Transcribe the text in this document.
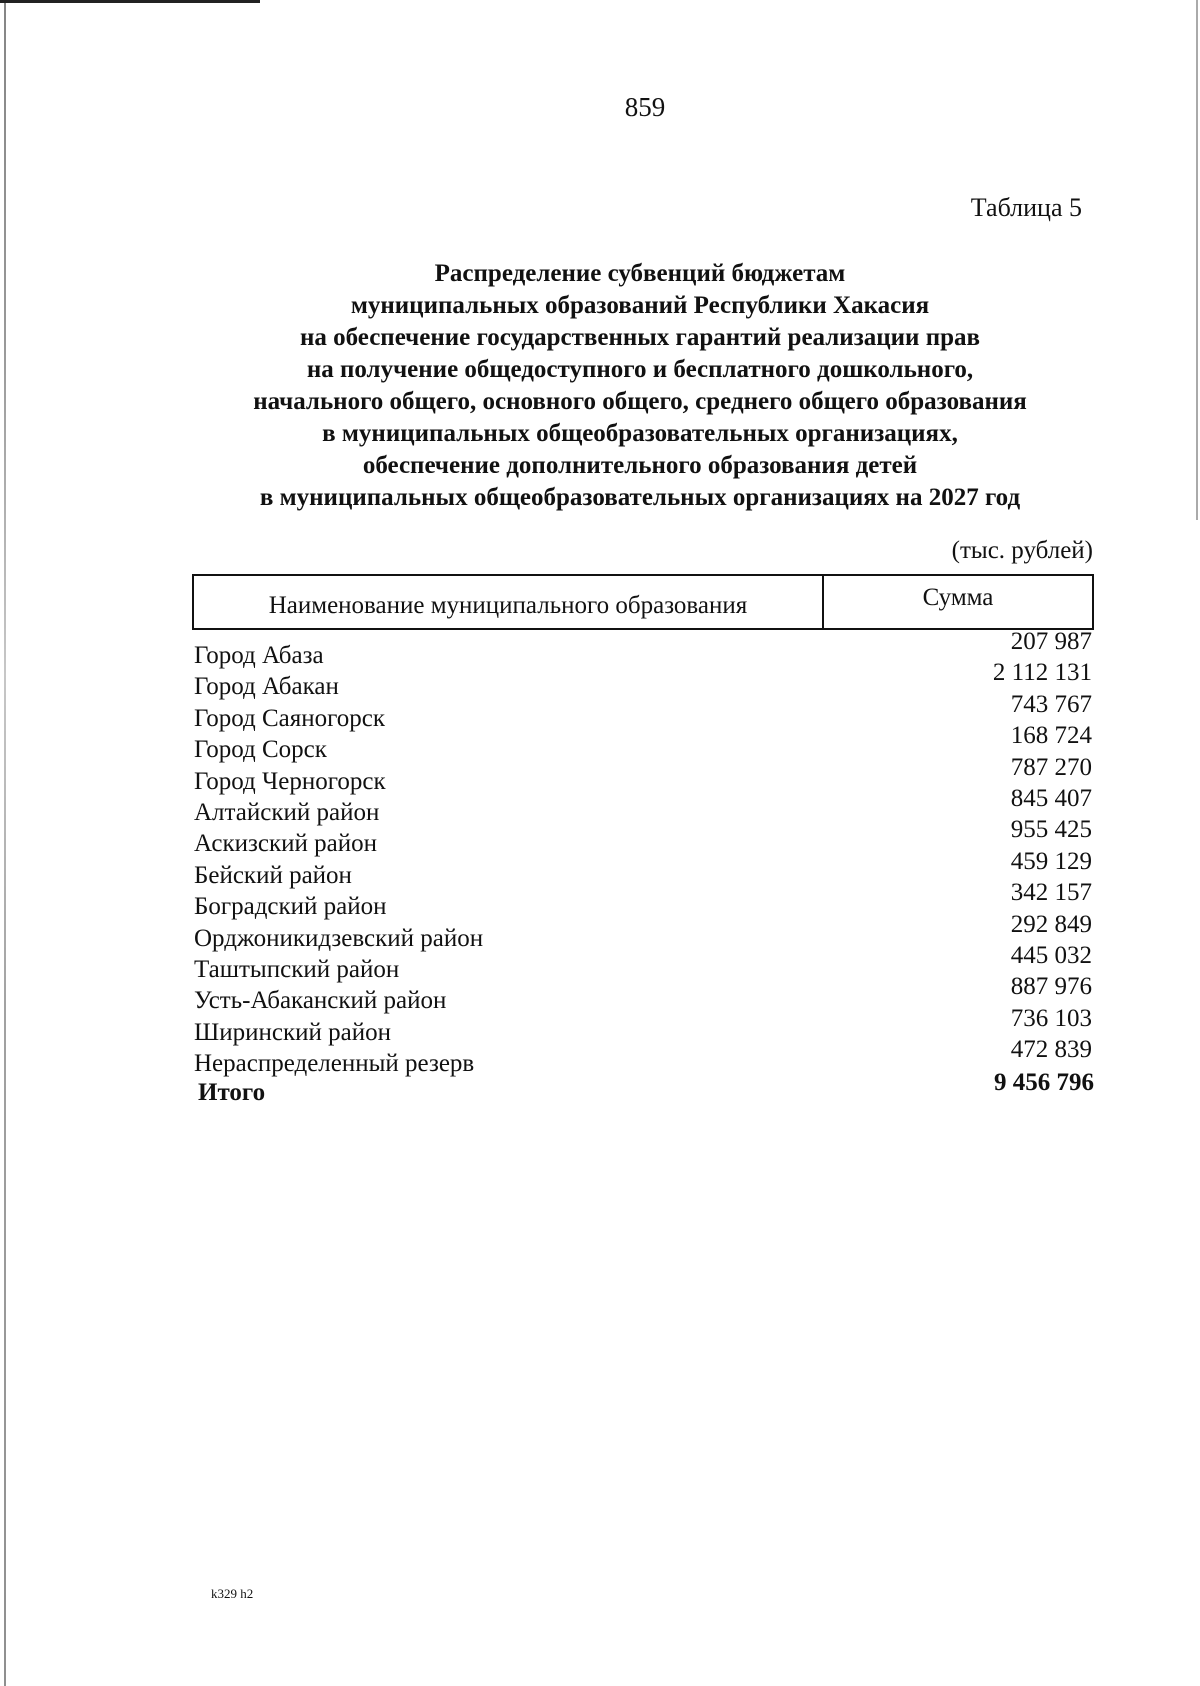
859
Таблица 5
Распределение субвенций бюджетам
муниципальных образований Республики Хакасия
на обеспечение государственных гарантий реализации прав
на получение общедоступного и бесплатного дошкольного,
начального общего, основного общего, среднего общего образования
в муниципальных общеобразовательных организациях,
обеспечение дополнительного образования детей
в муниципальных общеобразовательных организациях на 2027 год
(тыс. рублей)
Наименование муниципального образования	Сумма
Город Абаза
207 987
Город Абакан
2 112 131
Город Саяногорск
743 767
Город Сорск
168 724
Город Черногорск
787 270
Алтайский район
845 407
Аскизский район
955 425
Бейский район
459 129
Боградский район
342 157
Орджоникидзевский район
292 849
Таштыпский район
445 032
Усть-Абаканский район
887 976
Ширинский район
736 103
Нераспределенный резерв
472 839
Итого	9 456 796
k329 h2
